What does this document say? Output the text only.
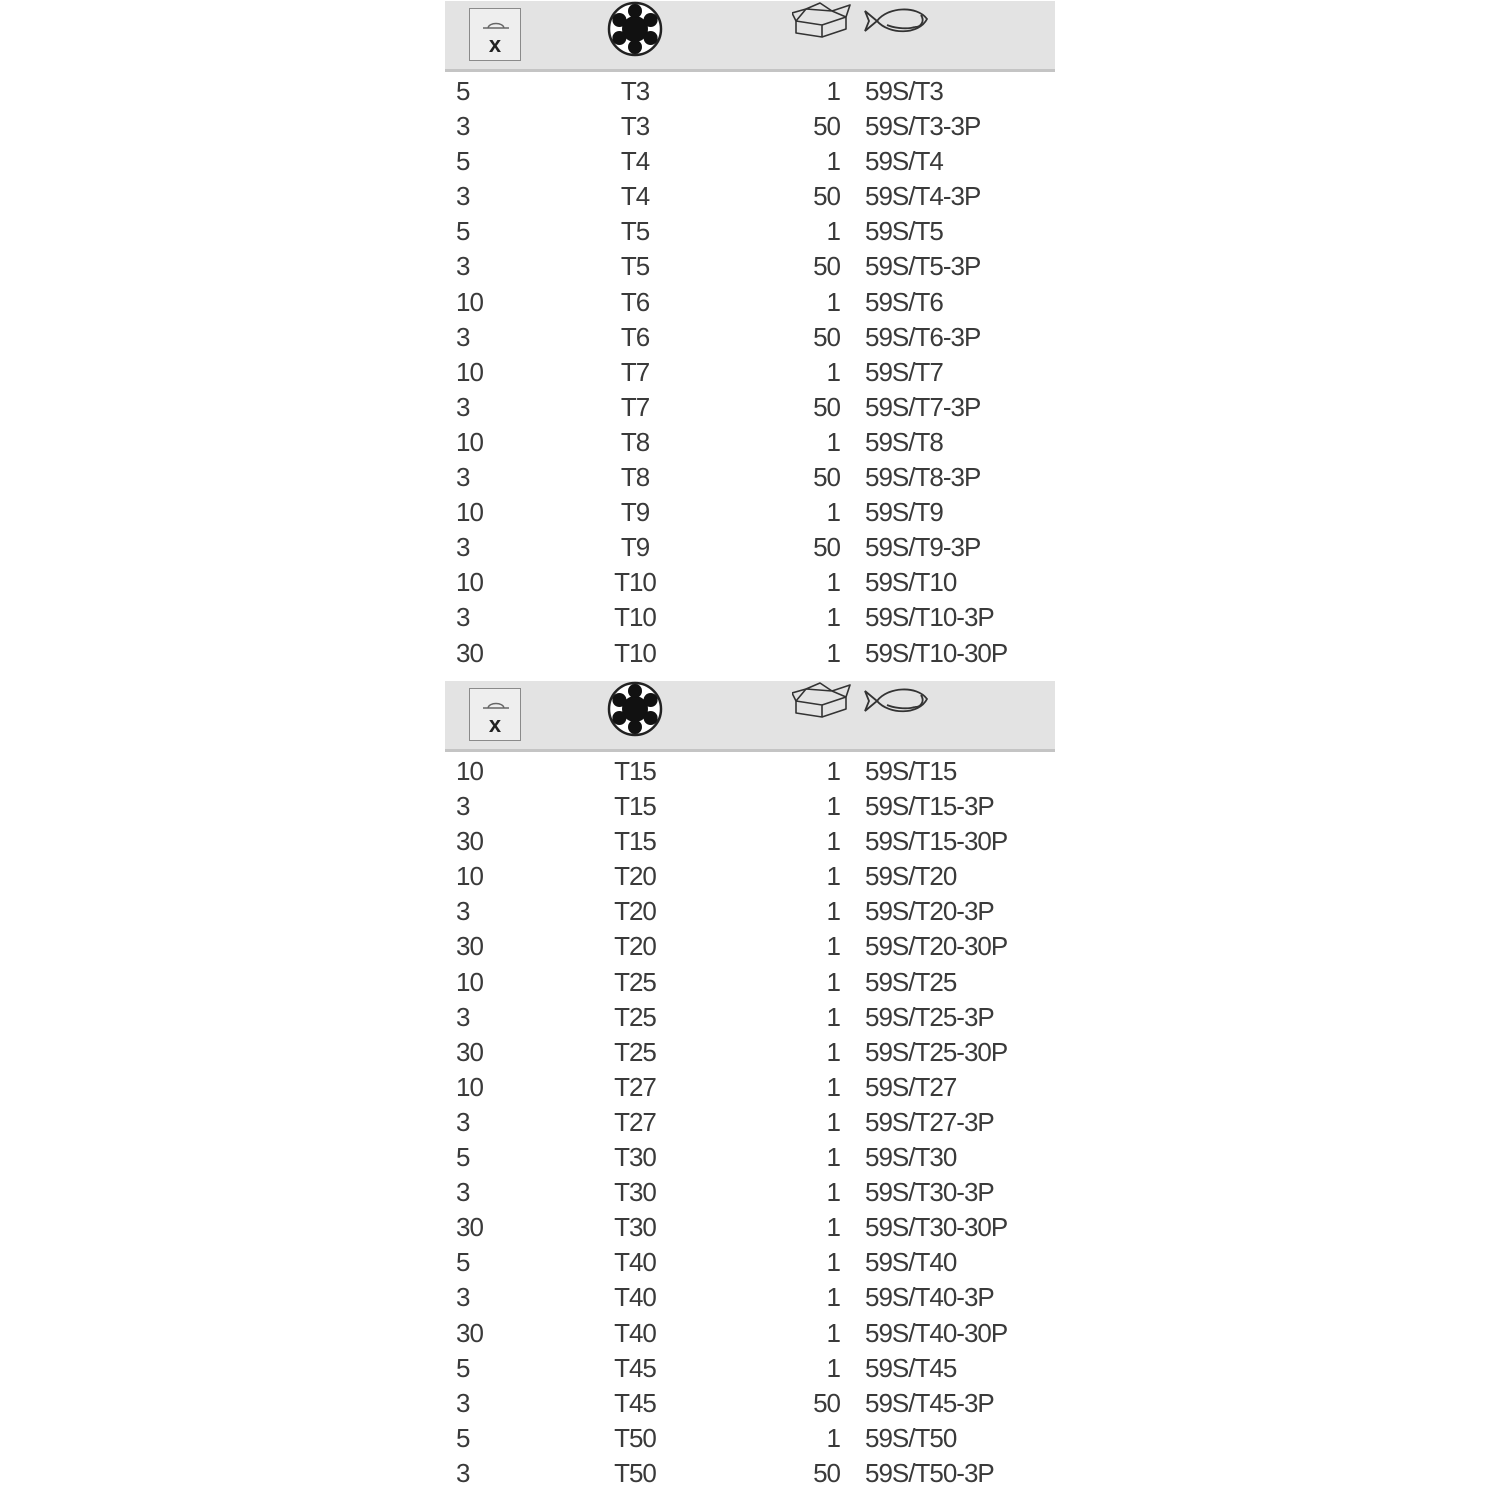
x
5	T3	1 59S/T3
3	T3	50 59S/T3-3P
5	T4	1 59S/T4
3	T4	50 59S/T4-3P
5	T5	1 59S/T5
3	T5	50 59S/T5-3P
10	T6	1 59S/T6
3	T6	50 59S/T6-3P
10	T7	1 59S/T7
3	T7	50 59S/T7-3P
10	T8	1 59S/T8
3	T8	50 59S/T8-3P
10	T9	1 59S/T9
3	T9	50 59S/T9-3P
10	T10	1 59S/T10
3	T10	1 59S/T10-3P
30	T10	1 59S/T10-30P
x
10	T15	1 59S/T15
3	T15	1 59S/T15-3P
30	T15	1 59S/T15-30P
10	T20	1 59S/T20
3	T20	1 59S/T20-3P
30	T20	1 59S/T20-30P
10	T25	1 59S/T25
3	T25	1 59S/T25-3P
30	T25	1 59S/T25-30P
10	T27	1 59S/T27
3	T27	1 59S/T27-3P
5	T30	1 59S/T30
3	T30	1 59S/T30-3P
30	T30	1 59S/T30-30P
5	T40	1 59S/T40
3	T40	1 59S/T40-3P
30	T40	1 59S/T40-30P
5	T45	1 59S/T45
3	T45	50 59S/T45-3P
5	T50	1 59S/T50
3	T50	50 59S/T50-3P
